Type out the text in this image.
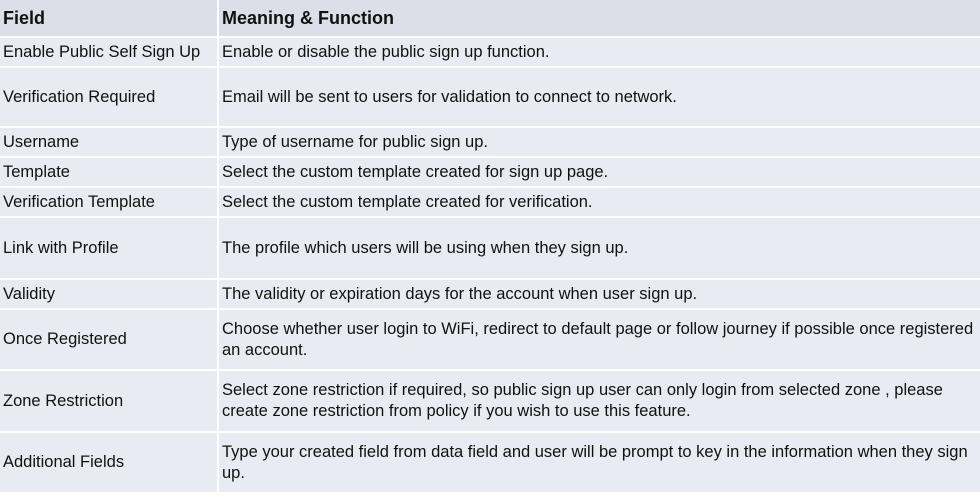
Field	Meaning & Function
Enable Public Self Sign Up	Enable or disable the public sign up function.
Verification Required	Email will be sent to users for validation to connect to network.
Username	Type of username for public sign up.
Template	Select the custom template created for sign up page.
Verification Template	Select the custom template created for verification.
Link with Profile	The profile which users will be using when they sign up.
Validity	The validity or expiration days for the account when user sign up.
Once Registered	Choose whether user login to WiFi, redirect to default page or follow journey if possible once registered an account.
Zone Restriction	Select zone restriction if required, so public sign up user can only login from selected zone , please create zone restriction from policy if you wish to use this feature.
Additional Fields	Type your created field from data field and user will be prompt to key in the information when they sign up.
